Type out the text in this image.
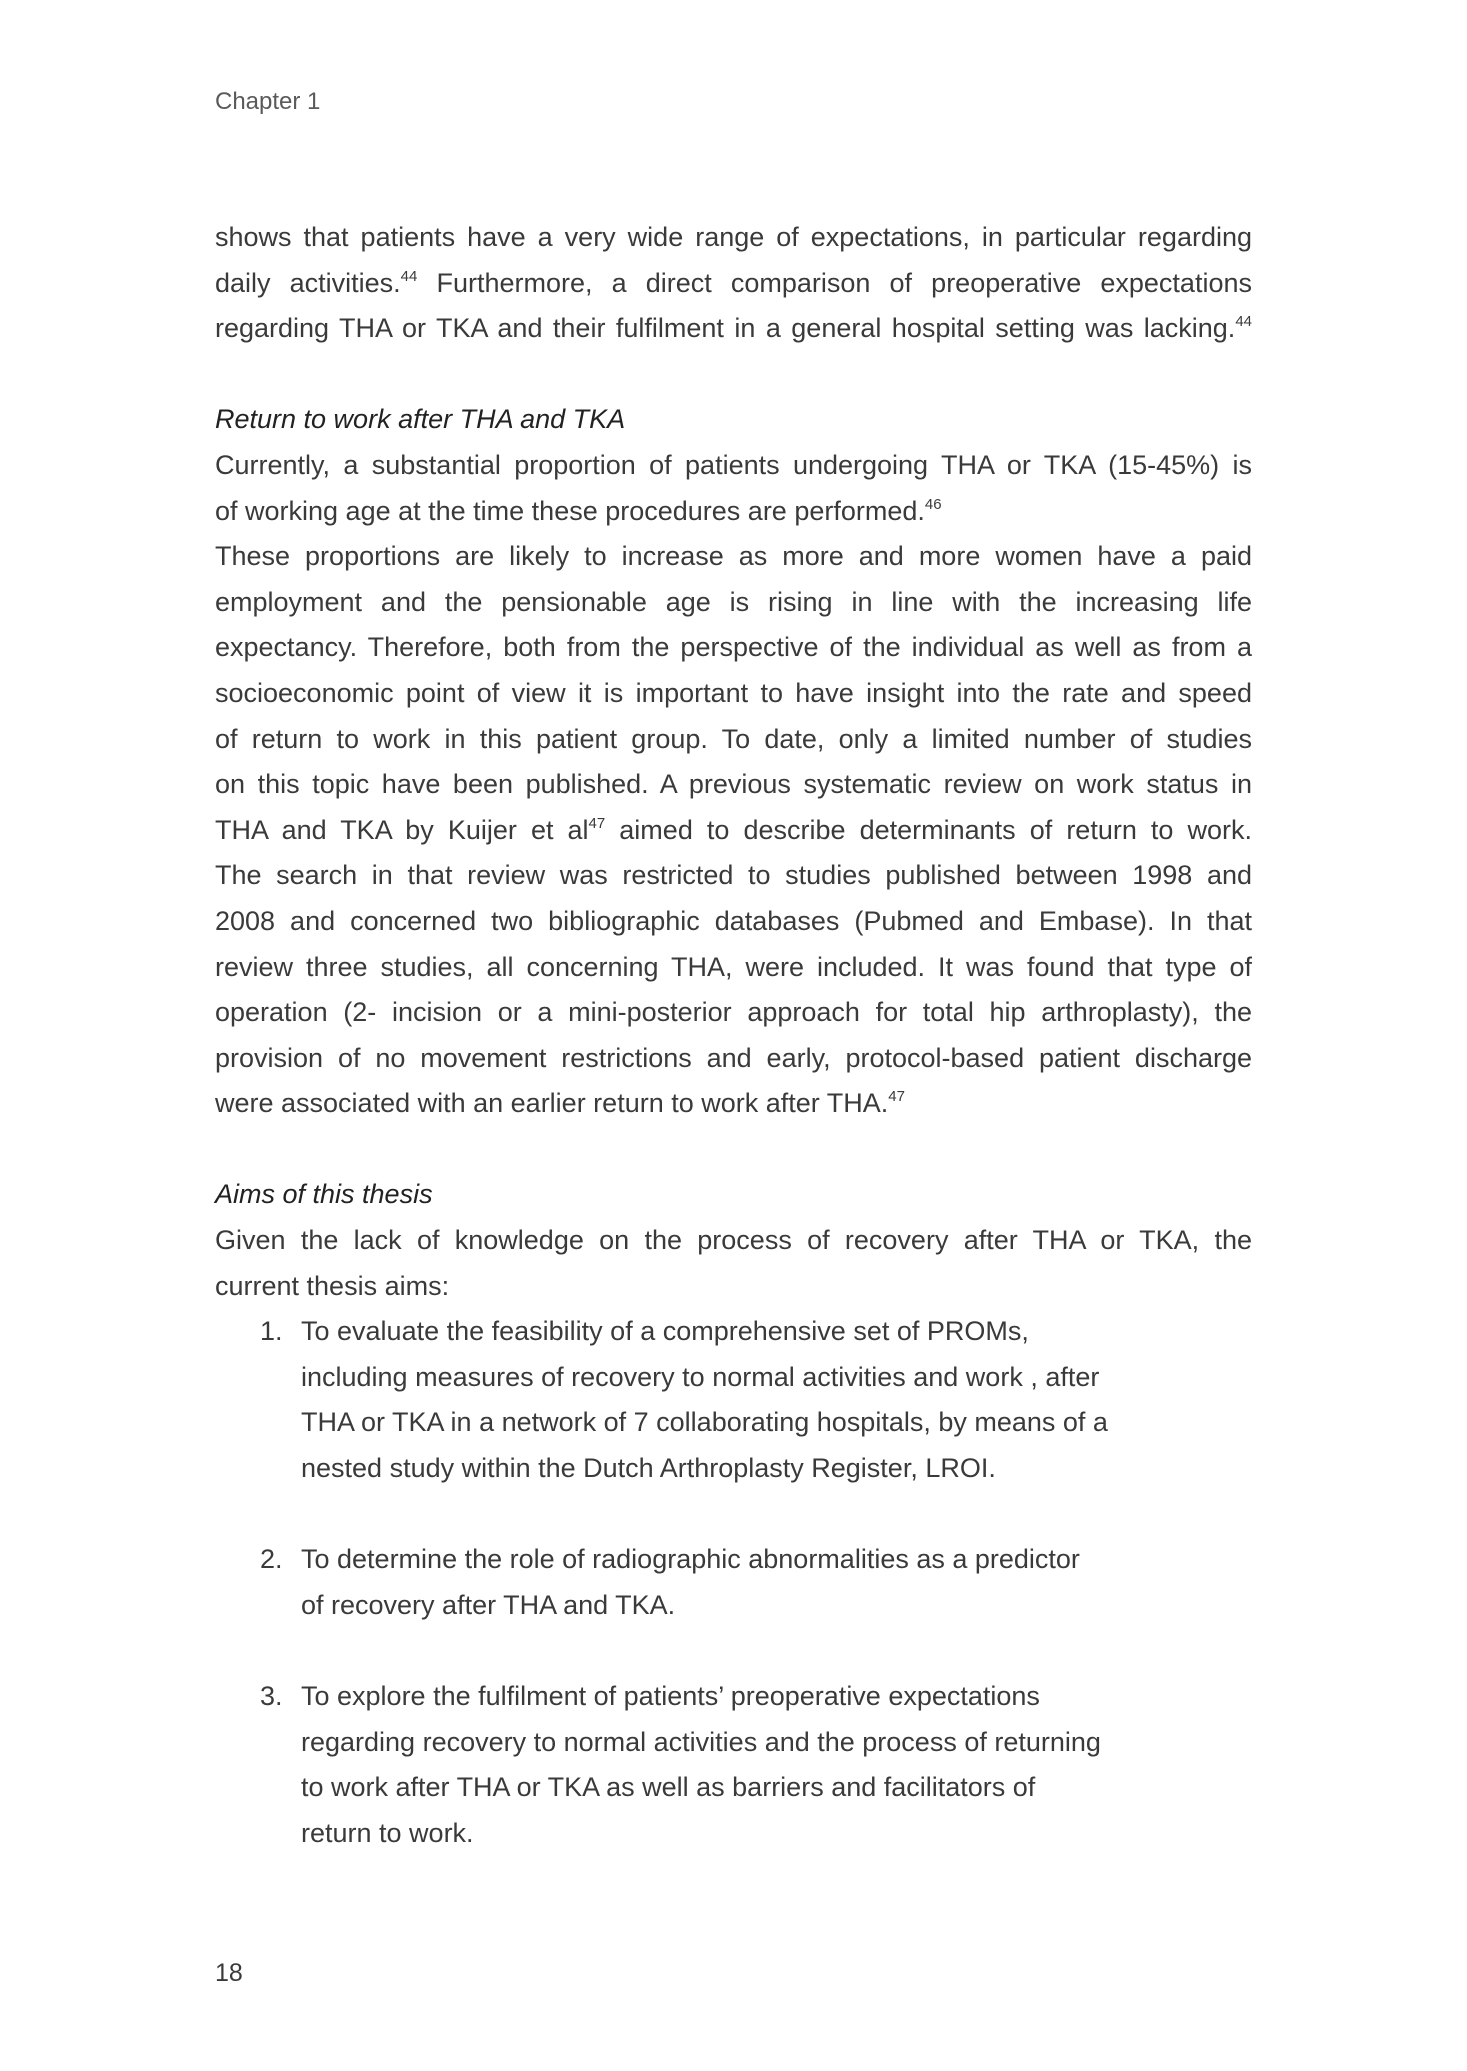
Chapter 1
shows that patients have a very wide range of expectations, in particular regarding
daily activities.$^{44}$ Furthermore, a direct comparison of preoperative expectations
regarding THA or TKA and their fulfilment in a general hospital setting was lacking.$^{44}$
Return to work after THA and TKA
Currently, a substantial proportion of patients undergoing THA or TKA (15-45%) is
of working age at the time these procedures are performed.$^{46}$
These proportions are likely to increase as more and more women have a paid
employment and the pensionable age is rising in line with the increasing life
expectancy. Therefore, both from the perspective of the individual as well as from a
socioeconomic point of view it is important to have insight into the rate and speed
of return to work in this patient group. To date, only a limited number of studies
on this topic have been published. A previous systematic review on work status in
THA and TKA by Kuijer et $al^{47}$ aimed to describe determinants of return to work.
The search in that review was restricted to studies published between 1998 and
2008 and concerned two bibliographic databases (Pubmed and Embase). In that
review three studies, all concerning THA, were included. It was found that type of
operation (2- incision or a mini-posterior approach for total hip arthroplasty), the
provision of no movement restrictions and early, protocol-based patient discharge
were associated with an earlier return to work after THA.$^{47}$
Aims of this thesis
Given the lack of knowledge on the process of recovery after THA or TKA, the
current thesis aims:
1. To evaluate the feasibility of a comprehensive set of PROMs,
including measures of recovery to normal activities and work , after
THA or TKA in a network of 7 collaborating hospitals, by means of a
nested study within the Dutch Arthroplasty Register, LROI.
2. To determine the role of radiographic abnormalities as a predictor
of recovery after THA and TKA.
3. To explore the fulfilment of patients’ preoperative expectations
regarding recovery to normal activities and the process of returning
to work after THA or TKA as well as barriers and facilitators of
return to work.
18
